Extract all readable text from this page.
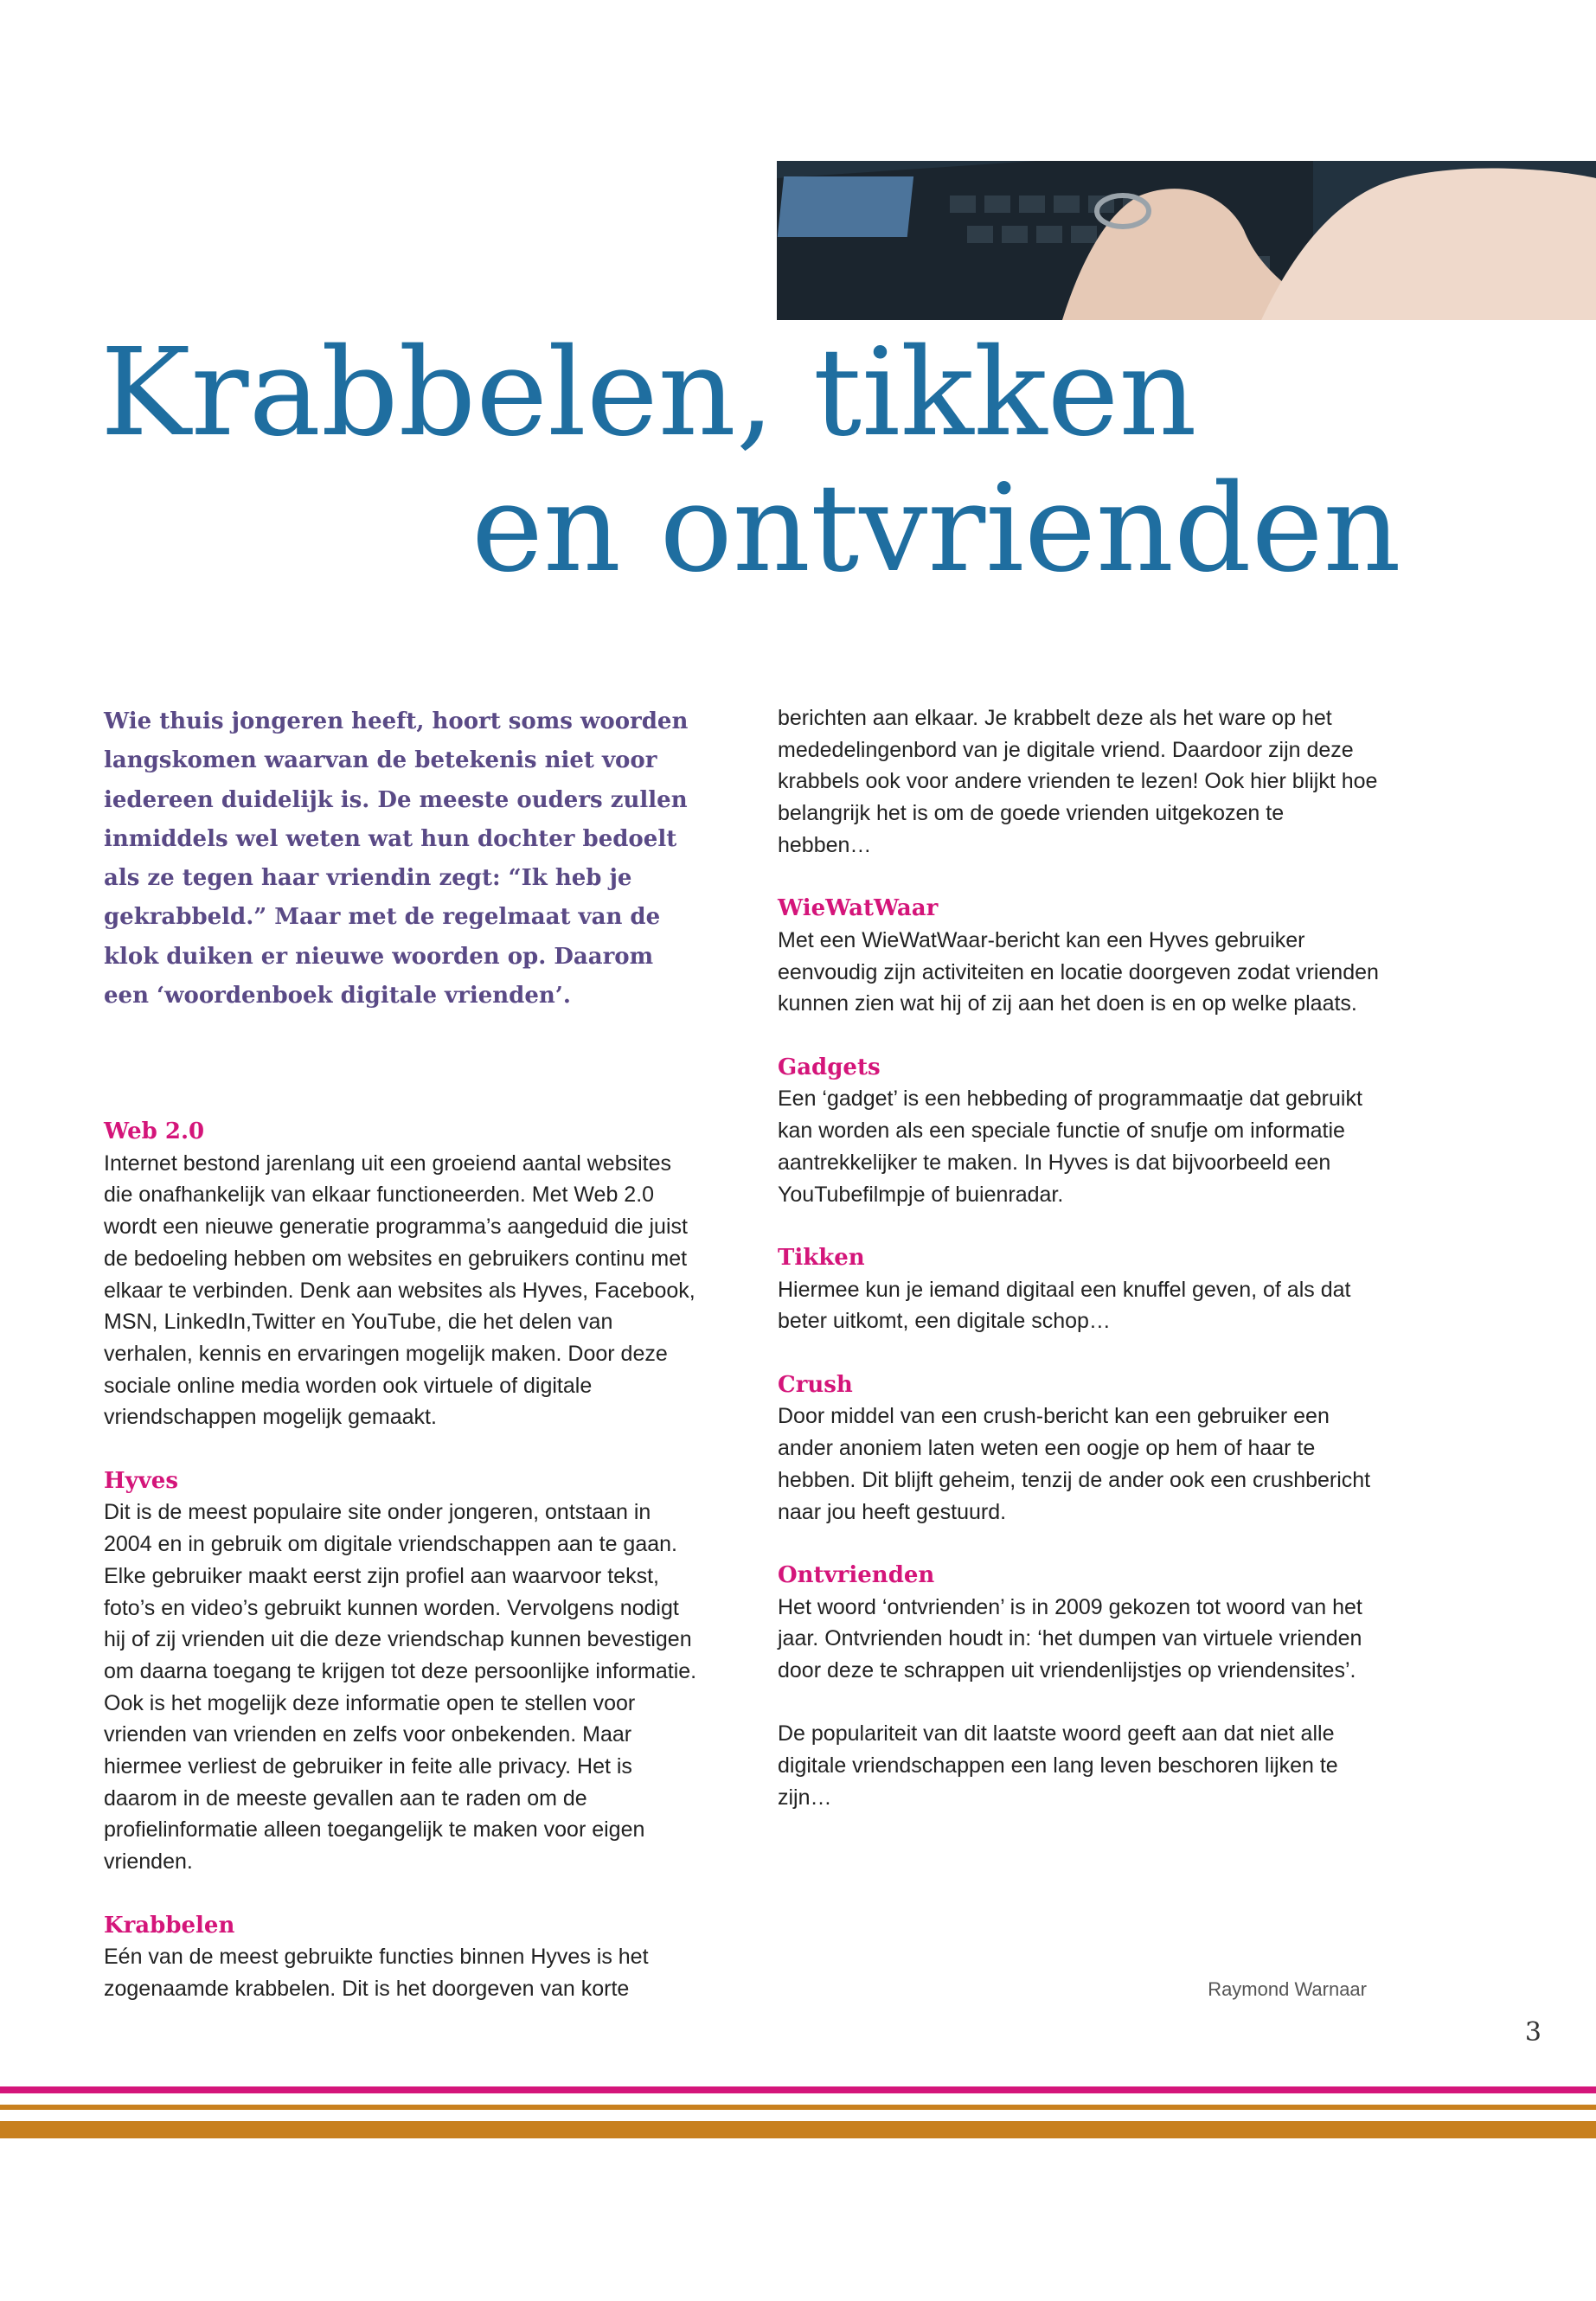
Krabbelen, tikken
en ontvrienden

Wie thuis jongeren heeft, hoort soms woorden langskomen waarvan de betekenis niet voor iedereen duidelijk is. De meeste ouders zullen inmiddels wel weten wat hun dochter bedoelt als ze tegen haar vriendin zegt: “Ik heb je gekrabbeld.” Maar met de regelmaat van de klok duiken er nieuwe woorden op. Daarom een ‘woordenboek digitale vrienden’.

Web 2.0

Internet bestond jarenlang uit een groeiend aantal websites die onafhankelijk van elkaar functioneerden. Met Web 2.0 wordt een nieuwe generatie programma’s aangeduid die juist de bedoeling hebben om websites en gebruikers continu met elkaar te verbinden. Denk aan websites als Hyves, Facebook, MSN, LinkedIn,Twitter en YouTube, die het delen van verhalen, kennis en ervaringen mogelijk maken. Door deze sociale online media worden ook virtuele of digitale vriendschappen mogelijk gemaakt.

Hyves

Dit is de meest populaire site onder jongeren, ontstaan in 2004 en in gebruik om digitale vriendschappen aan te gaan. Elke gebruiker maakt eerst zijn profiel aan waarvoor tekst, foto’s en video’s gebruikt kunnen worden. Vervolgens nodigt hij of zij vrienden uit die deze vriendschap kunnen bevestigen om daarna toegang te krijgen tot deze persoonlijke informatie. Ook is het mogelijk deze informatie open te stellen voor vrienden van vrienden en zelfs voor onbekenden. Maar hiermee verliest de gebruiker in feite alle privacy. Het is daarom in de meeste gevallen aan te raden om de profielinformatie alleen toegangelijk te maken voor eigen vrienden.

Krabbelen

Eén van de meest gebruikte functies binnen Hyves is het zogenaamde krabbelen. Dit is het doorgeven van korte

berichten aan elkaar. Je krabbelt deze als het ware op het mededelingenbord van je digitale vriend. Daardoor zijn deze krabbels ook voor andere vrienden te lezen! Ook hier blijkt hoe belangrijk het is om de goede vrienden uitgekozen te hebben…

WieWatWaar

Met een WieWatWaar-bericht kan een Hyves gebruiker eenvoudig zijn activiteiten en locatie doorgeven zodat vrienden kunnen zien wat hij of zij aan het doen is en op welke plaats.

Gadgets

Een ‘gadget’ is een hebbeding of programmaatje dat gebruikt kan worden als een speciale functie of snufje om informatie aantrekkelijker te maken. In Hyves is dat bijvoorbeeld een YouTubefilmpje of buienradar.

Tikken

Hiermee kun je iemand digitaal een knuffel geven, of als dat beter uitkomt, een digitale schop…

Crush

Door middel van een crush-bericht kan een gebruiker een ander anoniem laten weten een oogje op hem of haar te hebben. Dit blijft geheim, tenzij de ander ook een crushbericht naar jou heeft gestuurd.

Ontvrienden

Het woord ‘ontvrienden’ is in 2009 gekozen tot woord van het jaar. Ontvrienden houdt in: ‘het dumpen van virtuele vrienden door deze te schrappen uit vriendenlijstjes op vriendensites’.

De populariteit van dit laatste woord geeft aan dat niet alle digitale vriendschappen een lang leven beschoren lijken te zijn…

Raymond Warnaar

3
